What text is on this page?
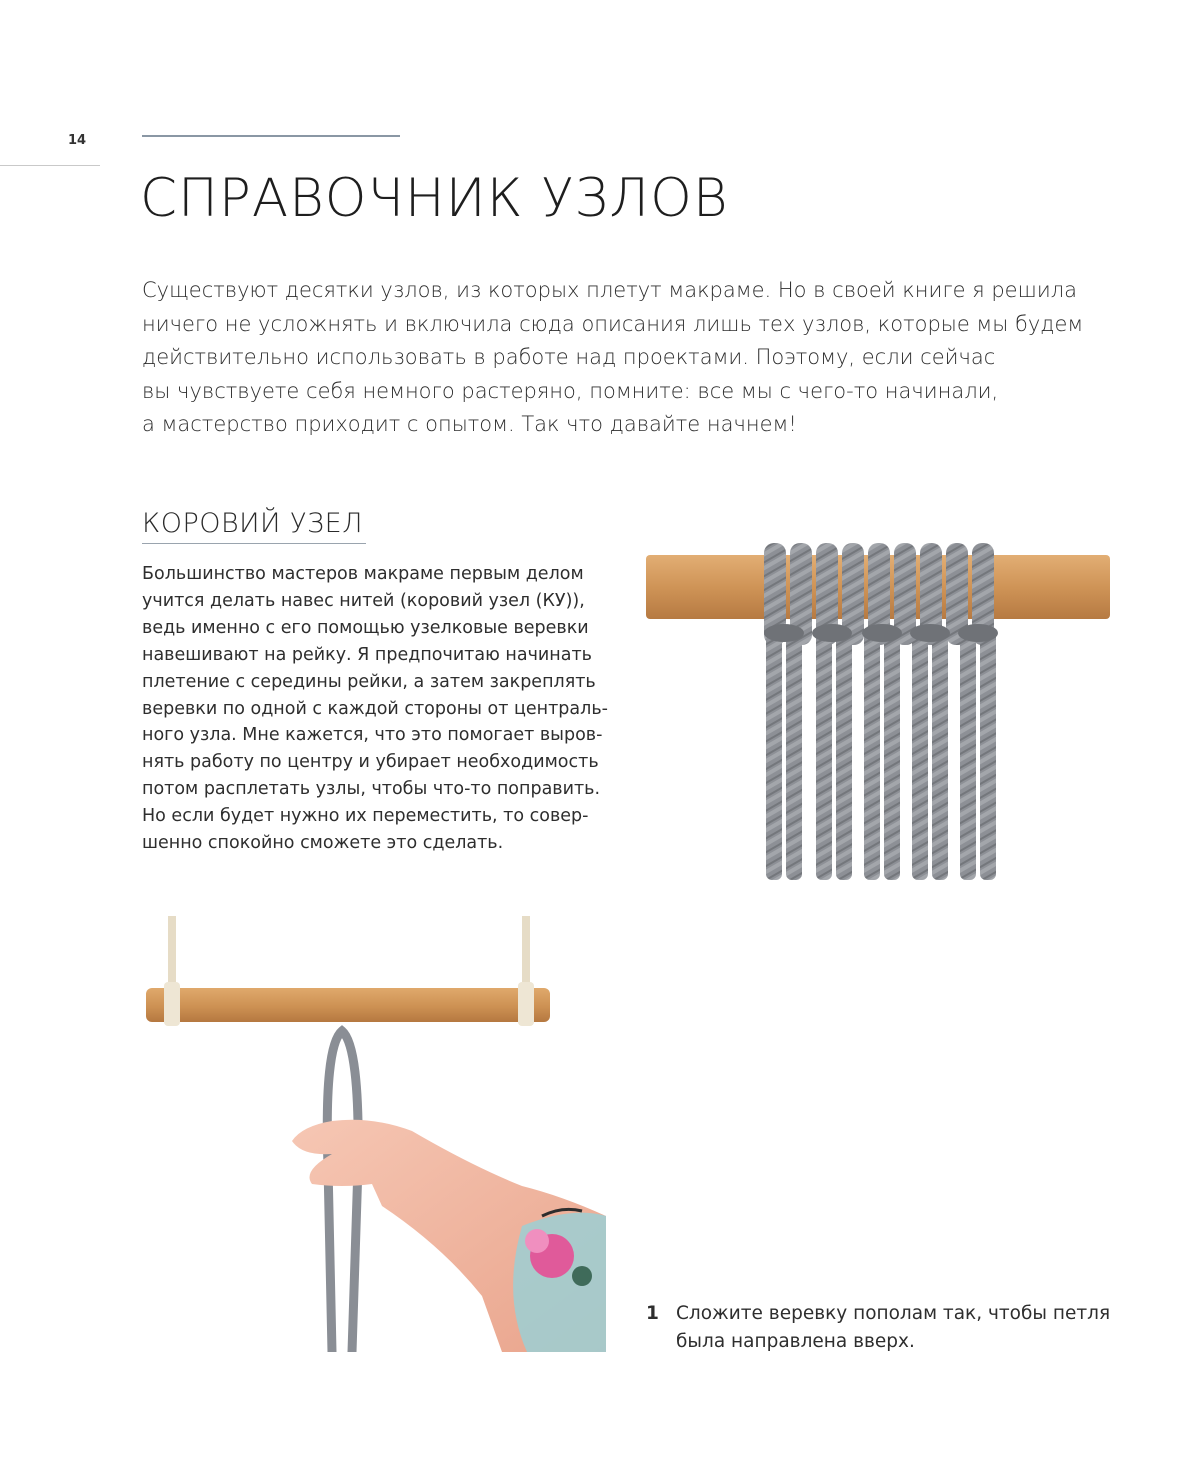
14
СПРАВОЧНИК УЗЛОВ

Существуют десятки узлов, из которых плетут макраме. Но в своей книге я решила
ничего не усложнять и включила сюда описания лишь тех узлов, которые мы будем
действительно использовать в работе над проектами. Поэтому, если сейчас
вы чувствуете себя немного растеряно, помните: все мы с чего-то начинали,
а мастерство приходит с опытом. Так что давайте начнем!

КОРОВИЙ УЗЕЛ

Большинство мастеров макраме первым делом
учится делать навес нитей (коровий узел (КУ)),
ведь именно с его помощью узелковые веревки
навешивают на рейку. Я предпочитаю начинать
плетение с середины рейки, а затем закреплять
веревки по одной с каждой стороны от централь-
ного узла. Мне кажется, что это помогает выров-
нять работу по центру и убирает необходимость
потом расплетать узлы, чтобы что-то поправить.
Но если будет нужно их переместить, то совер-
шенно спокойно сможете это сделать.

1 Сложите веревку пополам так, чтобы петля
была направлена вверх.
